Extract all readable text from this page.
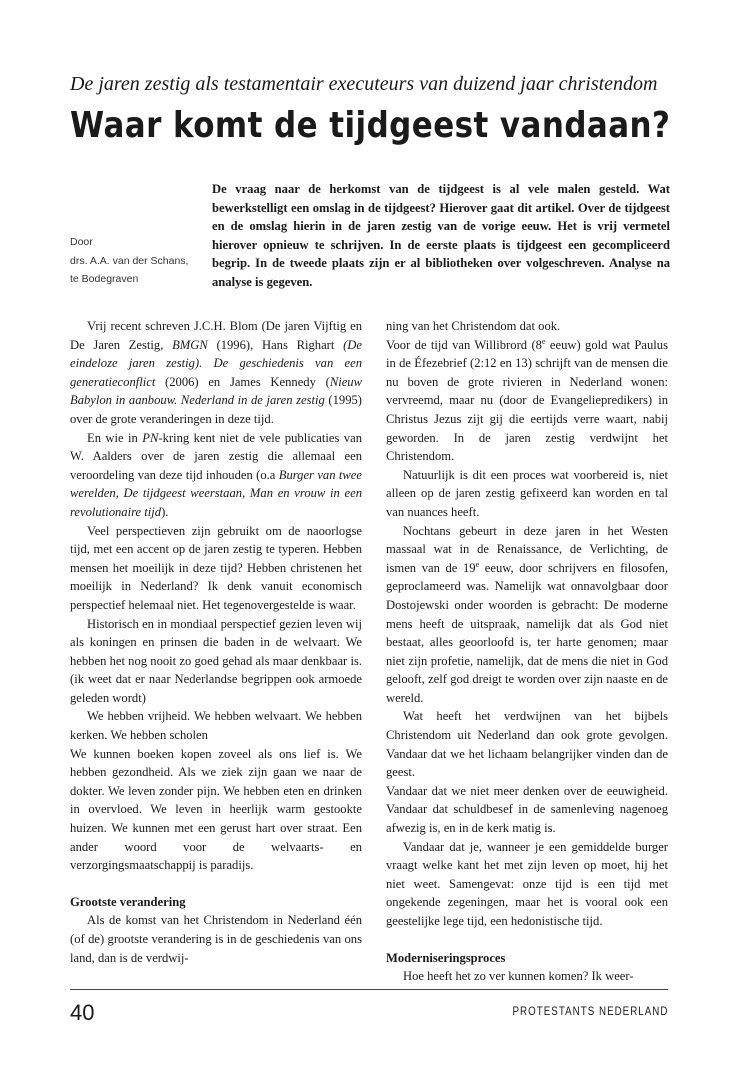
De jaren zestig als testamentair executeurs van duizend jaar christendom
Waar komt de tijdgeest vandaan?
Door
drs. A.A. van der Schans,
te Bodegraven
De vraag naar de herkomst van de tijdgeest is al vele malen gesteld. Wat bewerkstelligt een omslag in de tijdgeest? Hierover gaat dit artikel. Over de tijdgeest en de omslag hierin in de jaren zestig van de vorige eeuw. Het is vrij vermetel hierover opnieuw te schrijven. In de eerste plaats is tijdgeest een gecompliceerd begrip. In de tweede plaats zijn er al bibliotheken over volgeschreven. Analyse na analyse is gegeven.

Vrij recent schreven J.C.H. Blom (De jaren Vijftig en De Jaren Zestig, BMGN (1996), Hans Righart (De eindeloze jaren zestig). De geschiedenis van een generatieconflict (2006) en James Kennedy (Nieuw Babylon in aanbouw. Nederland in de jaren zestig (1995) over de grote veranderingen in deze tijd.

En wie in PN-kring kent niet de vele publicaties van W. Aalders over de jaren zestig die allemaal een veroordeling van deze tijd inhouden (o.a Burger van twee werelden, De tijdgeest weerstaan, Man en vrouw in een revolutionaire tijd).

Veel perspectieven zijn gebruikt om de naoorlogse tijd, met een accent op de jaren zestig te typeren. Hebben mensen het moeilijk in deze tijd? Hebben christenen het moeilijk in Nederland? Ik denk vanuit economisch perspectief helemaal niet. Het tegenovergestelde is waar.

Historisch en in mondiaal perspectief gezien leven wij als koningen en prinsen die baden in de welvaart. We hebben het nog nooit zo goed gehad als maar denkbaar is. (ik weet dat er naar Nederlandse begrippen ook armoede geleden wordt)

We hebben vrijheid. We hebben welvaart. We hebben kerken. We hebben scholen

We kunnen boeken kopen zoveel als ons lief is. We hebben gezondheid. Als we ziek zijn gaan we naar de dokter. We leven zonder pijn. We hebben eten en drinken in overvloed. We leven in heerlijk warm gestookte huizen. We kunnen met een gerust hart over straat. Een ander woord voor de welvaarts- en verzorgingsmaatschappij is paradijs.

Grootste verandering

Als de komst van het Christendom in Nederland één (of de) grootste verandering is in de geschiedenis van ons land, dan is de verdwij-

ning van het Christendom dat ook.

Voor de tijd van Willibrord (8e eeuw) gold wat Paulus in de Éfezebrief (2:12 en 13) schrijft van de mensen die nu boven de grote rivieren in Nederland wonen: vervreemd, maar nu (door de Evangeliepredikers) in Christus Jezus zijt gij die eertijds verre waart, nabij geworden. In de jaren zestig verdwijnt het Christendom.

Natuurlijk is dit een proces wat voorbereid is, niet alleen op de jaren zestig gefixeerd kan worden en tal van nuances heeft.

Nochtans gebeurt in deze jaren in het Westen massaal wat in de Renaissance, de Verlichting, de ismen van de 19e eeuw, door schrijvers en filosofen, geproclameerd was. Namelijk wat onnavolgbaar door Dostojewski onder woorden is gebracht: De moderne mens heeft de uitspraak, namelijk dat als God niet bestaat, alles geoorloofd is, ter harte genomen; maar niet zijn profetie, namelijk, dat de mens die niet in God gelooft, zelf god dreigt te worden over zijn naaste en de wereld.

Wat heeft het verdwijnen van het bijbels Christendom uit Nederland dan ook grote gevolgen. Vandaar dat we het lichaam belangrijker vinden dan de geest.

Vandaar dat we niet meer denken over de eeuwigheid. Vandaar dat schuldbesef in de samenleving nagenoeg afwezig is, en in de kerk matig is.

Vandaar dat je, wanneer je een gemiddelde burger vraagt welke kant het met zijn leven op moet, hij het niet weet. Samengevat: onze tijd is een tijd met ongekende zegeningen, maar het is vooral ook een geestelijke lege tijd, een hedonistische tijd.

Moderniseringsproces

Hoe heeft het zo ver kunnen komen? Ik weer-

40	PROTESTANTS NEDERLAND
